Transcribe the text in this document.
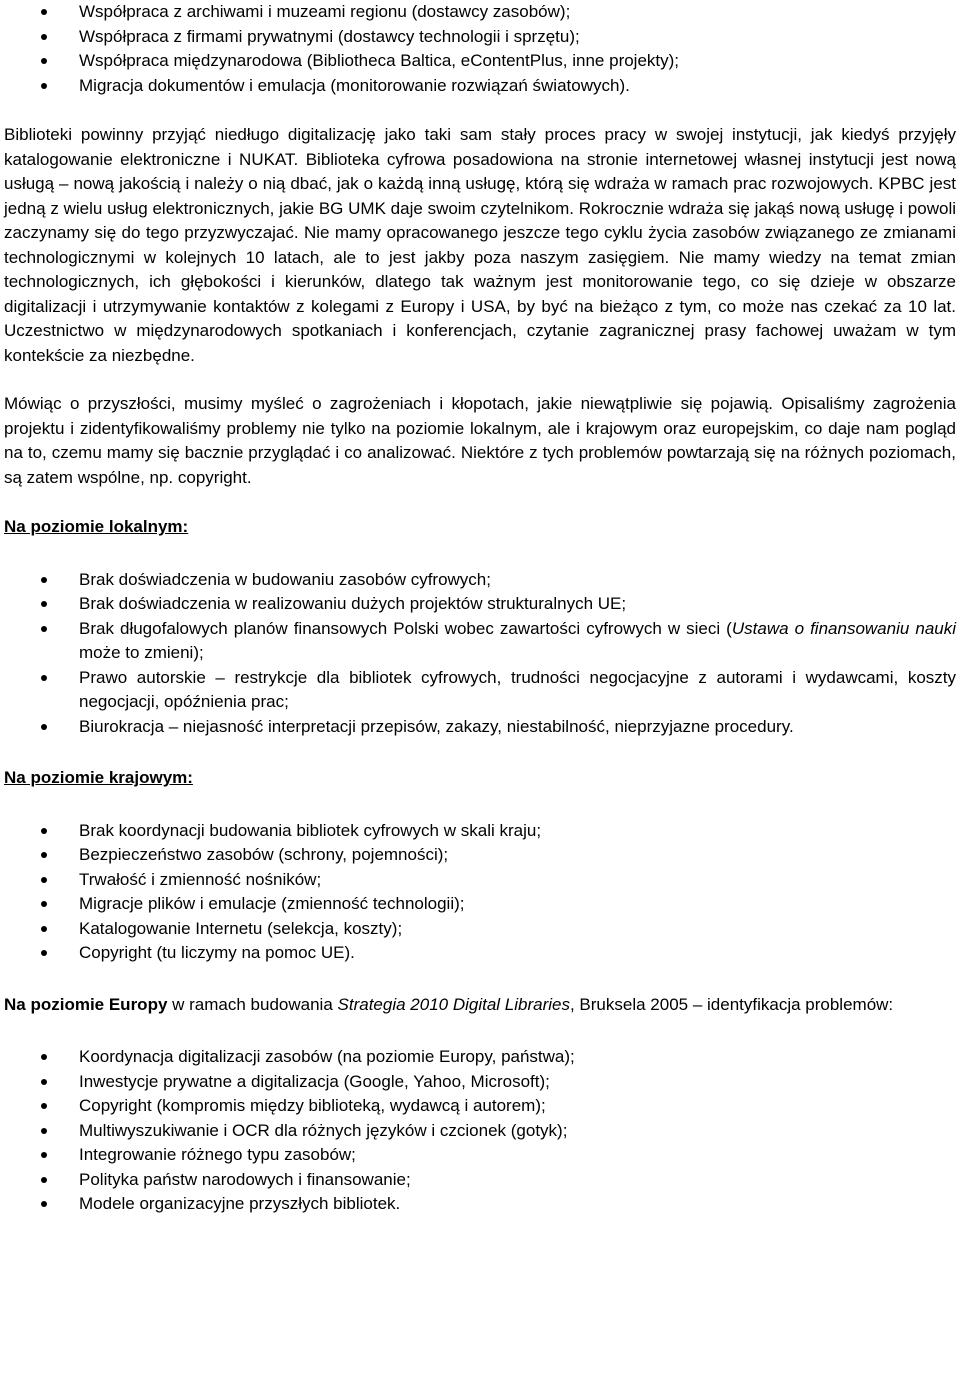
Współpraca z archiwami i muzeami regionu (dostawcy zasobów);
Współpraca z firmami prywatnymi (dostawcy technologii i sprzętu);
Współpraca międzynarodowa (Bibliotheca Baltica, eContentPlus, inne projekty);
Migracja dokumentów i emulacja (monitorowanie rozwiązań światowych).

Biblioteki powinny przyjąć niedługo digitalizację jako taki sam stały proces pracy w swojej instytucji, jak kiedyś przyjęły katalogowanie elektroniczne i NUKAT. Biblioteka cyfrowa posadowiona na stronie internetowej własnej instytucji jest nową usługą – nową jakością i należy o nią dbać, jak o każdą inną usługę, którą się wdraża w ramach prac rozwojowych. KPBC jest jedną z wielu usług elektronicznych, jakie BG UMK daje swoim czytelnikom. Rokrocznie wdraża się jakąś nową usługę i powoli zaczynamy się do tego przyzwyczajać. Nie mamy opracowanego jeszcze tego cyklu życia zasobów związanego ze zmianami technologicznymi w kolejnych 10 latach, ale to jest jakby poza naszym zasięgiem. Nie mamy wiedzy na temat zmian technologicznych, ich głębokości i kierunków, dlatego tak ważnym jest monitorowanie tego, co się dzieje w obszarze digitalizacji i utrzymywanie kontaktów z kolegami z Europy i USA, by być na bieżąco z tym, co może nas czekać za 10 lat. Uczestnictwo w międzynarodowych spotkaniach i konferencjach, czytanie zagranicznej prasy fachowej uważam w tym kontekście za niezbędne.

Mówiąc o przyszłości, musimy myśleć o zagrożeniach i kłopotach, jakie niewątpliwie się pojawią. Opisaliśmy zagrożenia projektu i zidentyfikowaliśmy problemy nie tylko na poziomie lokalnym, ale i krajowym oraz europejskim, co daje nam pogląd na to, czemu mamy się bacznie przyglądać i co analizować. Niektóre z tych problemów powtarzają się na różnych poziomach, są zatem wspólne, np. copyright.

Na poziomie lokalnym:

Brak doświadczenia w budowaniu zasobów cyfrowych;
Brak doświadczenia w realizowaniu dużych projektów strukturalnych UE;
Brak długofalowych planów finansowych Polski wobec zawartości cyfrowych w sieci (Ustawa o finansowaniu nauki może to zmieni);
Prawo autorskie – restrykcje dla bibliotek cyfrowych, trudności negocjacyjne z autorami i wydawcami, koszty negocjacji, opóźnienia prac;
Biurokracja – niejasność interpretacji przepisów, zakazy, niestabilność, nieprzyjazne procedury.

Na poziomie krajowym:

Brak koordynacji budowania bibliotek cyfrowych w skali kraju;
Bezpieczeństwo zasobów (schrony, pojemności);
Trwałość i zmienność nośników;
Migracje plików i emulacje (zmienność technologii);
Katalogowanie Internetu (selekcja, koszty);
Copyright (tu liczymy na pomoc UE).

Na poziomie Europy w ramach budowania Strategia 2010 Digital Libraries, Bruksela 2005 – identyfikacja problemów:

Koordynacja digitalizacji zasobów (na poziomie Europy, państwa);
Inwestycje prywatne a digitalizacja (Google, Yahoo, Microsoft);
Copyright (kompromis między biblioteką, wydawcą i autorem);
Multiwyszukiwanie i OCR dla różnych języków i czcionek (gotyk);
Integrowanie różnego typu zasobów;
Polityka państw narodowych i finansowanie;
Modele organizacyjne przyszłych bibliotek.
